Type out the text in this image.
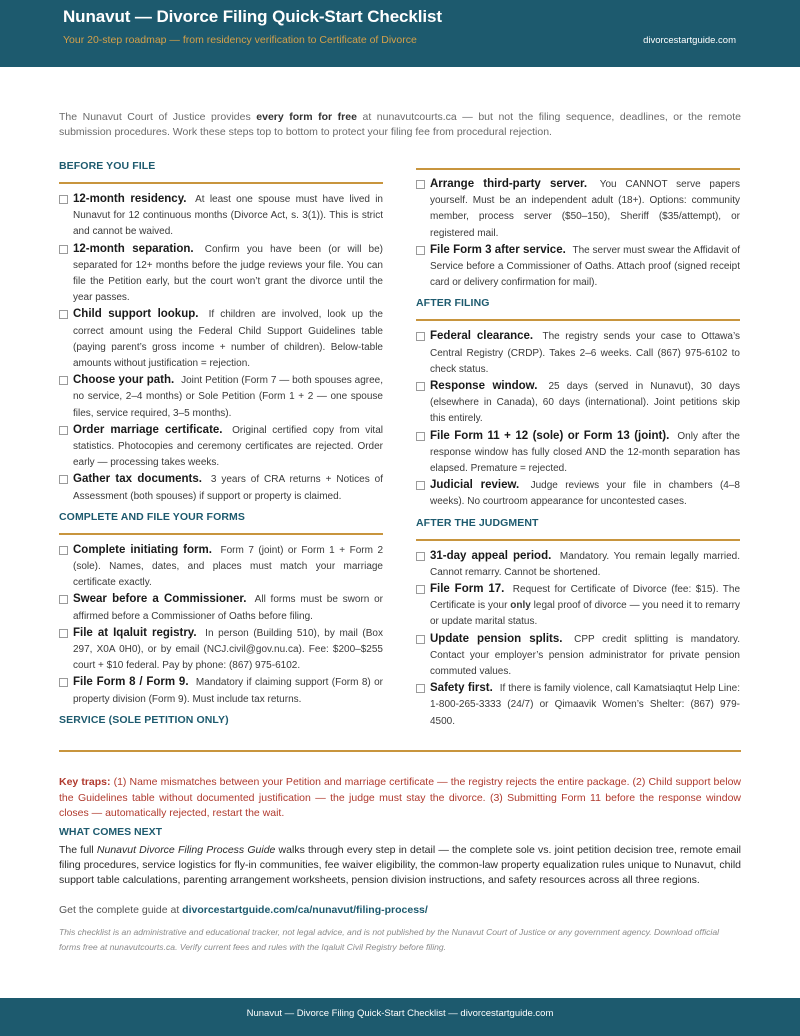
Nunavut — Divorce Filing Quick-Start Checklist
Your 20-step roadmap — from residency verification to Certificate of Divorce	divorcestartguide.com

The Nunavut Court of Justice provides every form for free at nunavutcourts.ca — but not the filing sequence, deadlines, or the remote submission procedures. Work these steps top to bottom to protect your filing fee from procedural rejection.

BEFORE YOU FILE
12-month residency. At least one spouse must have lived in Nunavut for 12 continuous months (Divorce Act, s. 3(1)). This is strict and cannot be waived.
12-month separation. Confirm you have been (or will be) separated for 12+ months before the judge reviews your file. You can file the Petition early, but the court won’t grant the divorce until the year passes.
Child support lookup. If children are involved, look up the correct amount using the Federal Child Support Guidelines table (paying parent’s gross income + number of children). Below-table amounts without justification = rejection.
Choose your path. Joint Petition (Form 7 — both spouses agree, no service, 2–4 months) or Sole Petition (Form 1 + 2 — one spouse files, service required, 3–5 months).
Order marriage certificate. Original certified copy from vital statistics. Photocopies and ceremony certificates are rejected. Order early — processing takes weeks.
Gather tax documents. 3 years of CRA returns + Notices of Assessment (both spouses) if support or property is claimed.
COMPLETE AND FILE YOUR FORMS
Complete initiating form. Form 7 (joint) or Form 1 + Form 2 (sole). Names, dates, and places must match your marriage certificate exactly.
Swear before a Commissioner. All forms must be sworn or affirmed before a Commissioner of Oaths before filing.
File at Iqaluit registry. In person (Building 510), by mail (Box 297, X0A 0H0), or by email (NCJ.civil@gov.nu.ca). Fee: $200–$255 court + $10 federal. Pay by phone: (867) 975-6102.
File Form 8 / Form 9. Mandatory if claiming support (Form 8) or property division (Form 9). Must include tax returns.
SERVICE (SOLE PETITION ONLY)
Arrange third-party server. You CANNOT serve papers yourself. Must be an independent adult (18+). Options: community member, process server ($50–150), Sheriff ($35/attempt), or registered mail.
File Form 3 after service. The server must swear the Affidavit of Service before a Commissioner of Oaths. Attach proof (signed receipt card or delivery confirmation for mail).
AFTER FILING
Federal clearance. The registry sends your case to Ottawa’s Central Registry (CRDP). Takes 2–6 weeks. Call (867) 975-6102 to check status.
Response window. 25 days (served in Nunavut), 30 days (elsewhere in Canada), 60 days (international). Joint petitions skip this entirely.
File Form 11 + 12 (sole) or Form 13 (joint). Only after the response window has fully closed AND the 12-month separation has elapsed. Premature = rejected.
Judicial review. Judge reviews your file in chambers (4–8 weeks). No courtroom appearance for uncontested cases.
AFTER THE JUDGMENT
31-day appeal period. Mandatory. You remain legally married. Cannot remarry. Cannot be shortened.
File Form 17. Request for Certificate of Divorce (fee: $15). The Certificate is your only legal proof of divorce — you need it to remarry or update marital status.
Update pension splits. CPP credit splitting is mandatory. Contact your employer’s pension administrator for private pension commuted values.
Safety first. If there is family violence, call Kamatsiaqtut Help Line: 1-800-265-3333 (24/7) or Qimaavik Women’s Shelter: (867) 979-4500.

Key traps: (1) Name mismatches between your Petition and marriage certificate — the registry rejects the entire package. (2) Child support below the Guidelines table without documented justification — the judge must stay the divorce. (3) Submitting Form 11 before the response window closes — automatically rejected, restart the wait.

WHAT COMES NEXT

The full Nunavut Divorce Filing Process Guide walks through every step in detail — the complete sole vs. joint petition decision tree, remote email filing procedures, service logistics for fly-in communities, fee waiver eligibility, the common-law property equalization rules unique to Nunavut, child support table calculations, parenting arrangement worksheets, pension division instructions, and safety resources across all three regions.

Get the complete guide at divorcestartguide.com/ca/nunavut/filing-process/

This checklist is an administrative and educational tracker, not legal advice, and is not published by the Nunavut Court of Justice or any government agency. Download official forms free at nunavutcourts.ca. Verify current fees and rules with the Iqaluit Civil Registry before filing.

Nunavut — Divorce Filing Quick-Start Checklist — divorcestartguide.com
